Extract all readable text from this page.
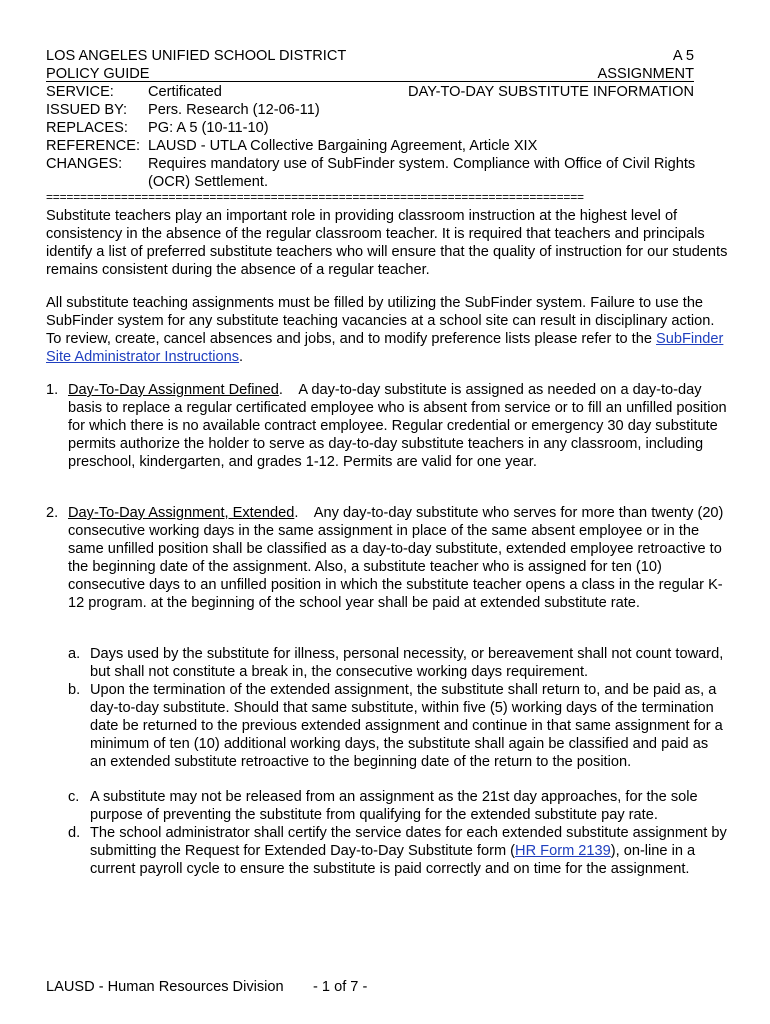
LOS ANGELES UNIFIED SCHOOL DISTRICT	A 5
POLICY GUIDE	ASSIGNMENT
SERVICE: Certificated	DAY-TO-DAY SUBSTITUTE INFORMATION
ISSUED BY: Pers. Research (12-06-11)
REPLACES: PG: A 5 (10-11-10)
REFERENCE: LAUSD - UTLA Collective Bargaining Agreement, Article XIX
CHANGES: Requires mandatory use of SubFinder system. Compliance with Office of Civil Rights
(OCR) Settlement.
===============================================================================
Substitute teachers play an important role in providing classroom instruction at the highest level of consistency in the absence of the regular classroom teacher. It is required that teachers and principals identify a list of preferred substitute teachers who will ensure that the quality of instruction for our students remains consistent during the absence of a regular teacher.
All substitute teaching assignments must be filled by utilizing the SubFinder system. Failure to use the SubFinder system for any substitute teaching vacancies at a school site can result in disciplinary action. To review, create, cancel absences and jobs, and to modify preference lists please refer to the SubFinder Site Administrator Instructions.
1. Day-To-Day Assignment Defined.    A day-to-day substitute is assigned as needed on a day-to-day basis to replace a regular certificated employee who is absent from service or to fill an unfilled position for which there is no available contract employee. Regular credential or emergency 30 day substitute permits authorize the holder to serve as day-to-day substitute teachers in any classroom, including preschool, kindergarten, and grades 1-12. Permits are valid for one year.
2. Day-To-Day Assignment, Extended.    Any day-to-day substitute who serves for more than twenty (20) consecutive working days in the same assignment in place of the same absent employee or in the same unfilled position shall be classified as a day-to-day substitute, extended employee retroactive to the beginning date of the assignment. Also, a substitute teacher who is assigned for ten (10) consecutive days to an unfilled position in which the substitute teacher opens a class in the regular K-12 program. at the beginning of the school year shall be paid at extended substitute rate.
a. Days used by the substitute for illness, personal necessity, or bereavement shall not count toward, but shall not constitute a break in, the consecutive working days requirement.
b. Upon the termination of the extended assignment, the substitute shall return to, and be paid as, a day-to-day substitute. Should that same substitute, within five (5) working days of the termination date be returned to the previous extended assignment and continue in that same assignment for a minimum of ten (10) additional working days, the substitute shall again be classified and paid as an extended substitute retroactive to the beginning date of the return to the position.
c. A substitute may not be released from an assignment as the 21st day approaches, for the sole purpose of preventing the substitute from qualifying for the extended substitute pay rate.
d. The school administrator shall certify the service dates for each extended substitute assignment by submitting the Request for Extended Day-to-Day Substitute form (HR Form 2139), on-line in a current payroll cycle to ensure the substitute is paid correctly and on time for the assignment.
LAUSD - Human Resources Division - 1 of 7 -
